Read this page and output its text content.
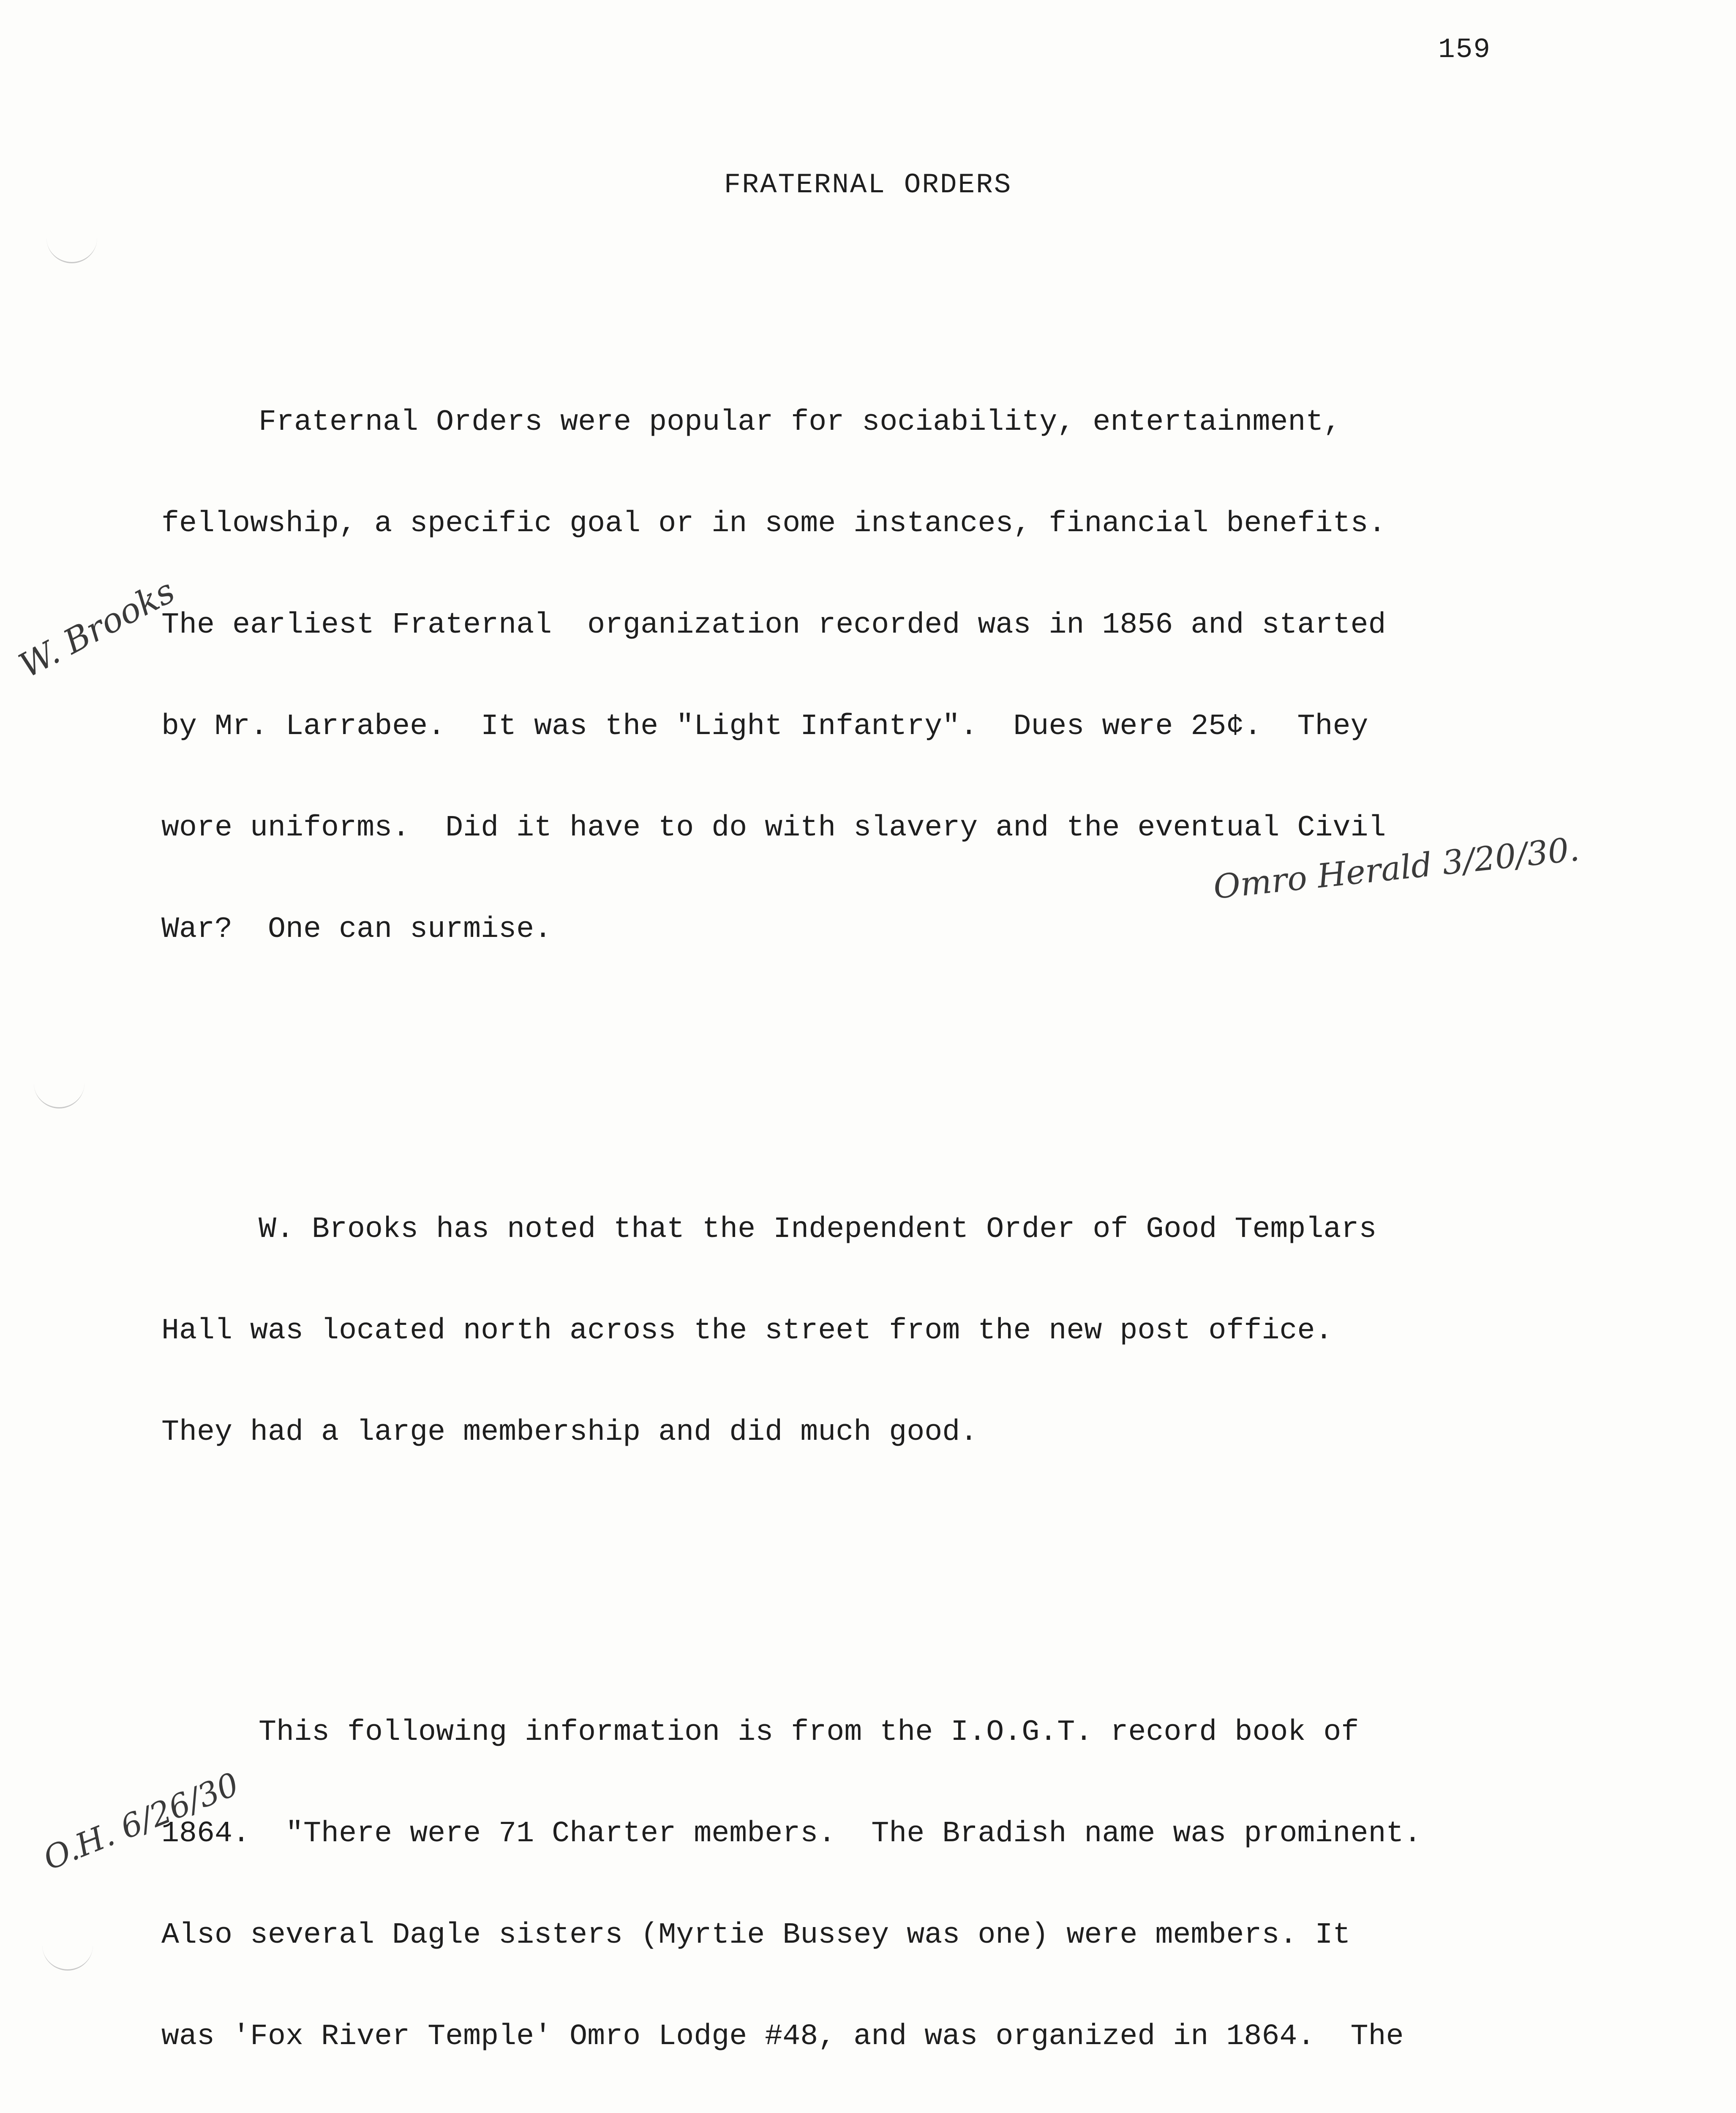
159
FRATERNAL ORDERS

Fraternal Orders were popular for sociability, entertainment,

fellowship, a specific goal or in some instances, financial benefits.

The earliest Fraternal  organization recorded was in 1856 and started

by Mr. Larrabee.  It was the "Light Infantry".  Dues were 25¢.  They

wore uniforms.  Did it have to do with slavery and the eventual Civil

War?  One can surmise.

W. Brooks has noted that the Independent Order of Good Templars

Hall was located north across the street from the new post office.

They had a large membership and did much good.

This following information is from the I.O.G.T. record book of

1864.  "There were 71 Charter members.  The Bradish name was prominent.

Also several Dagle sisters (Myrtie Bussey was one) were members. It

was 'Fox River Temple' Omro Lodge #48, and was organized in 1864.  The

W. Brooks
Omro Herald 3/20/30.
O.H. 6/26/30
